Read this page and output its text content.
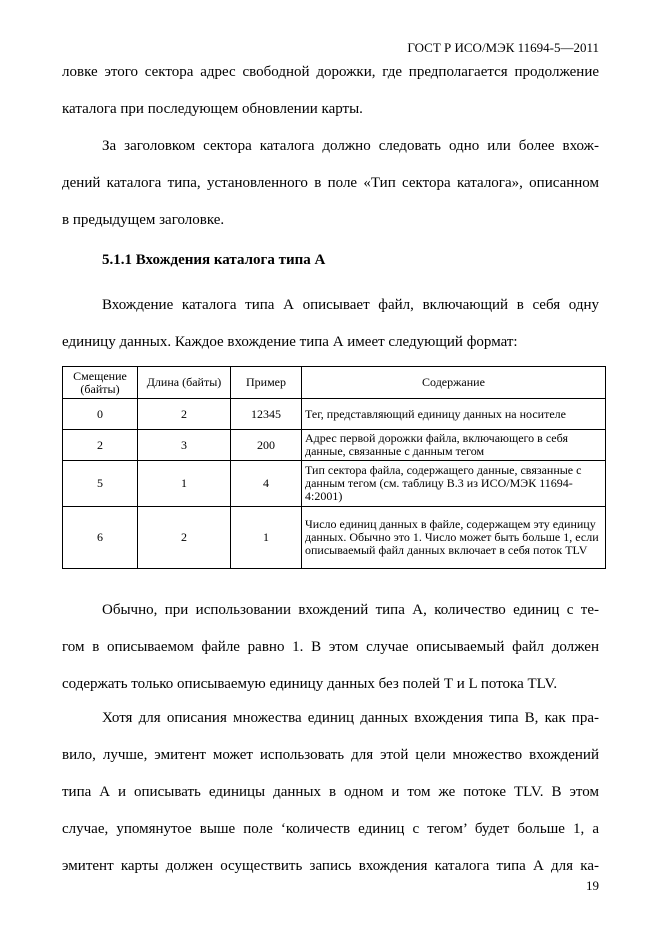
ГОСТ Р ИСО/МЭК 11694-5—2011
ловке этого сектора адрес свободной дорожки, где предполагается продолжение
каталога при последующем обновлении карты.
За заголовком сектора каталога должно следовать одно или более вхож-
дений каталога типа, установленного в поле «Тип сектора каталога», описанном
в предыдущем заголовке.
5.1.1 Вхождения каталога типа А
Вхождение каталога типа А описывает файл, включающий в себя одну
единицу данных. Каждое вхождение типа А имеет следующий формат:
Смещение (байты)	Длина (байты)	Пример	Содержание
0	2	12345	Тег, представляющий единицу данных на носителе
2	3	200	Адрес первой дорожки файла, включающего в себя данные, связанные с данным тегом
5	1	4	Тип сектора файла, содержащего данные, связанные с данным тегом (см. таблицу В.3 из ИСО/МЭК 11694-4:2001)
6	2	1	Число единиц данных в файле, содержащем эту единицу данных. Обычно это 1. Число может быть больше 1, если описываемый файл данных включает в себя поток TLV
Обычно, при использовании вхождений типа А, количество единиц с те-
гом в описываемом файле равно 1. В этом случае описываемый файл должен
содержать только описываемую единицу данных без полей Т и L потока TLV.
Хотя для описания множества единиц данных вхождения типа В, как пра-
вило, лучше, эмитент может использовать для этой цели множество вхождений
типа А и описывать единицы данных в одном и том же потоке TLV. В этом
случае, упомянутое выше поле ‘количеств единиц с тегом’ будет больше 1, а
эмитент карты должен осуществить запись вхождения каталога типа А для ка-
19
